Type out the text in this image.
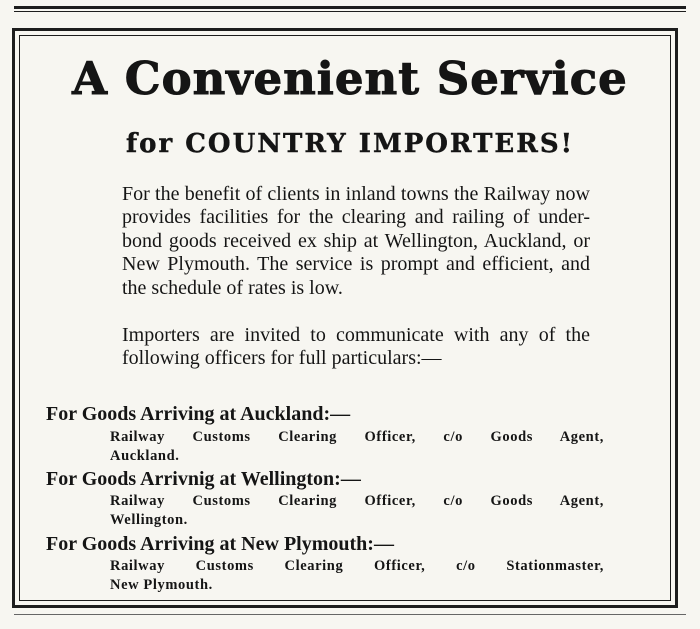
A Convenient Service
for COUNTRY IMPORTERS!

For the benefit of clients in inland towns the Railway now provides facilities for the clearing and railing of under-bond goods received ex ship at Wellington, Auckland, or New Plymouth. The service is prompt and efficient, and the schedule of rates is low.

Importers are invited to communicate with any of the following officers for full particulars:—

For Goods Arriving at Auckland:—

Railway Customs Clearing Officer, c/o Goods Agent,
Auckland.

For Goods Arrivnig at Wellington:—

Railway Customs Clearing Officer, c/o Goods Agent,
Wellington.

For Goods Arriving at New Plymouth:—

Railway Customs Clearing Officer, c/o Stationmaster,
New Plymouth.
